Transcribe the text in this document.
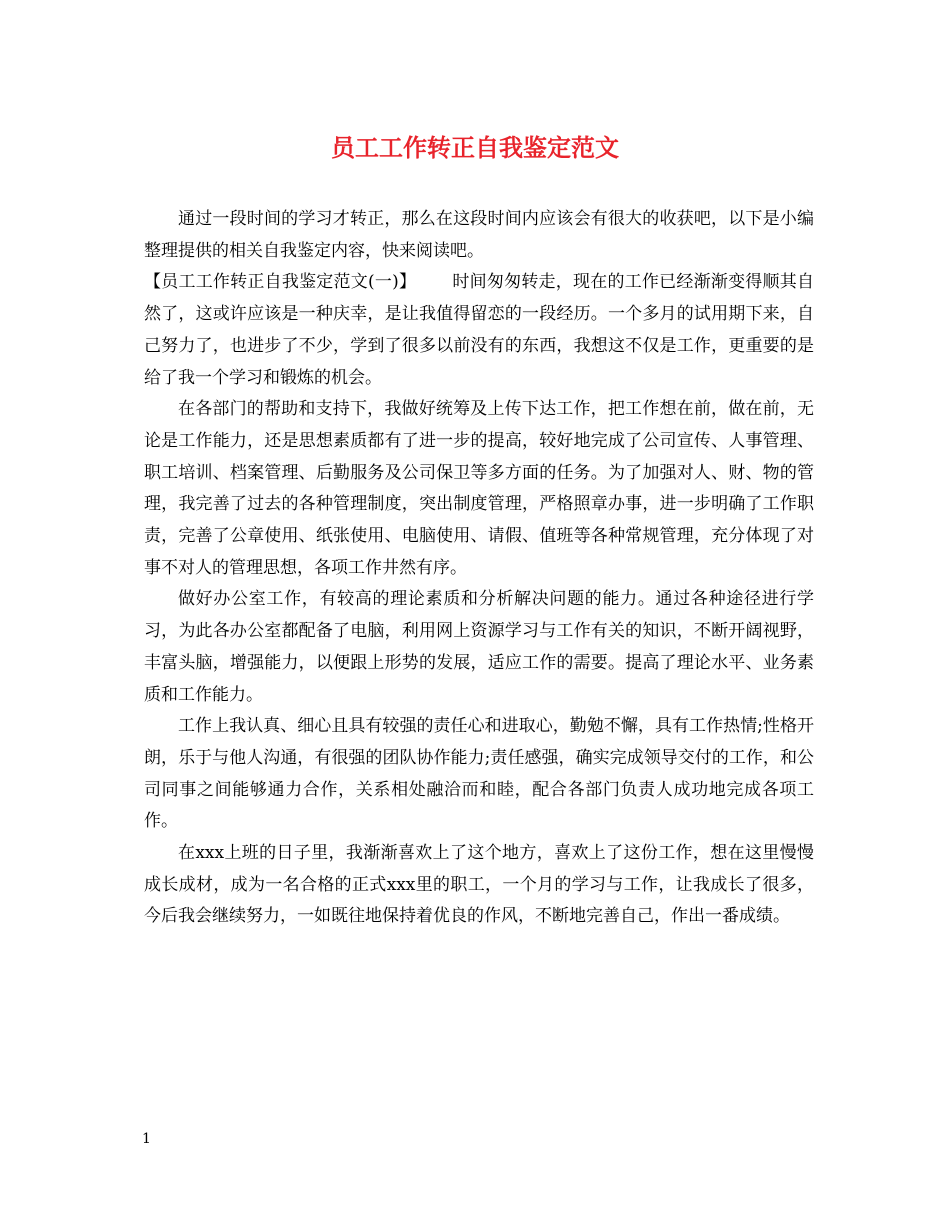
员工工作转正自我鉴定范文

通过一段时间的学习才转正，那么在这段时间内应该会有很大的收获吧，以下是小编整理提供的相关自我鉴定内容，快来阅读吧。

【员工工作转正自我鉴定范文(一)】 时间匆匆转走，现在的工作已经渐渐变得顺其自然了，这或许应该是一种庆幸，是让我值得留恋的一段经历。一个多月的试用期下来，自己努力了，也进步了不少，学到了很多以前没有的东西，我想这不仅是工作，更重要的是给了我一个学习和锻炼的机会。

在各部门的帮助和支持下，我做好统筹及上传下达工作，把工作想在前，做在前，无论是工作能力，还是思想素质都有了进一步的提高，较好地完成了公司宣传、人事管理、职工培训、档案管理、后勤服务及公司保卫等多方面的任务。为了加强对人、财、物的管理，我完善了过去的各种管理制度，突出制度管理，严格照章办事，进一步明确了工作职责，完善了公章使用、纸张使用、电脑使用、请假、值班等各种常规管理，充分体现了对事不对人的管理思想，各项工作井然有序。

做好办公室工作，有较高的理论素质和分析解决问题的能力。通过各种途径进行学习，为此各办公室都配备了电脑，利用网上资源学习与工作有关的知识，不断开阔视野，丰富头脑，增强能力，以便跟上形势的发展，适应工作的需要。提高了理论水平、业务素质和工作能力。

工作上我认真、细心且具有较强的责任心和进取心，勤勉不懈，具有工作热情;性格开朗，乐于与他人沟通，有很强的团队协作能力;责任感强，确实完成领导交付的工作，和公司同事之间能够通力合作，关系相处融洽而和睦，配合各部门负责人成功地完成各项工作。

在xxx上班的日子里，我渐渐喜欢上了这个地方，喜欢上了这份工作，想在这里慢慢成长成材，成为一名合格的正式xxx里的职工，一个月的学习与工作，让我成长了很多，今后我会继续努力，一如既往地保持着优良的作风，不断地完善自己，作出一番成绩。

1
